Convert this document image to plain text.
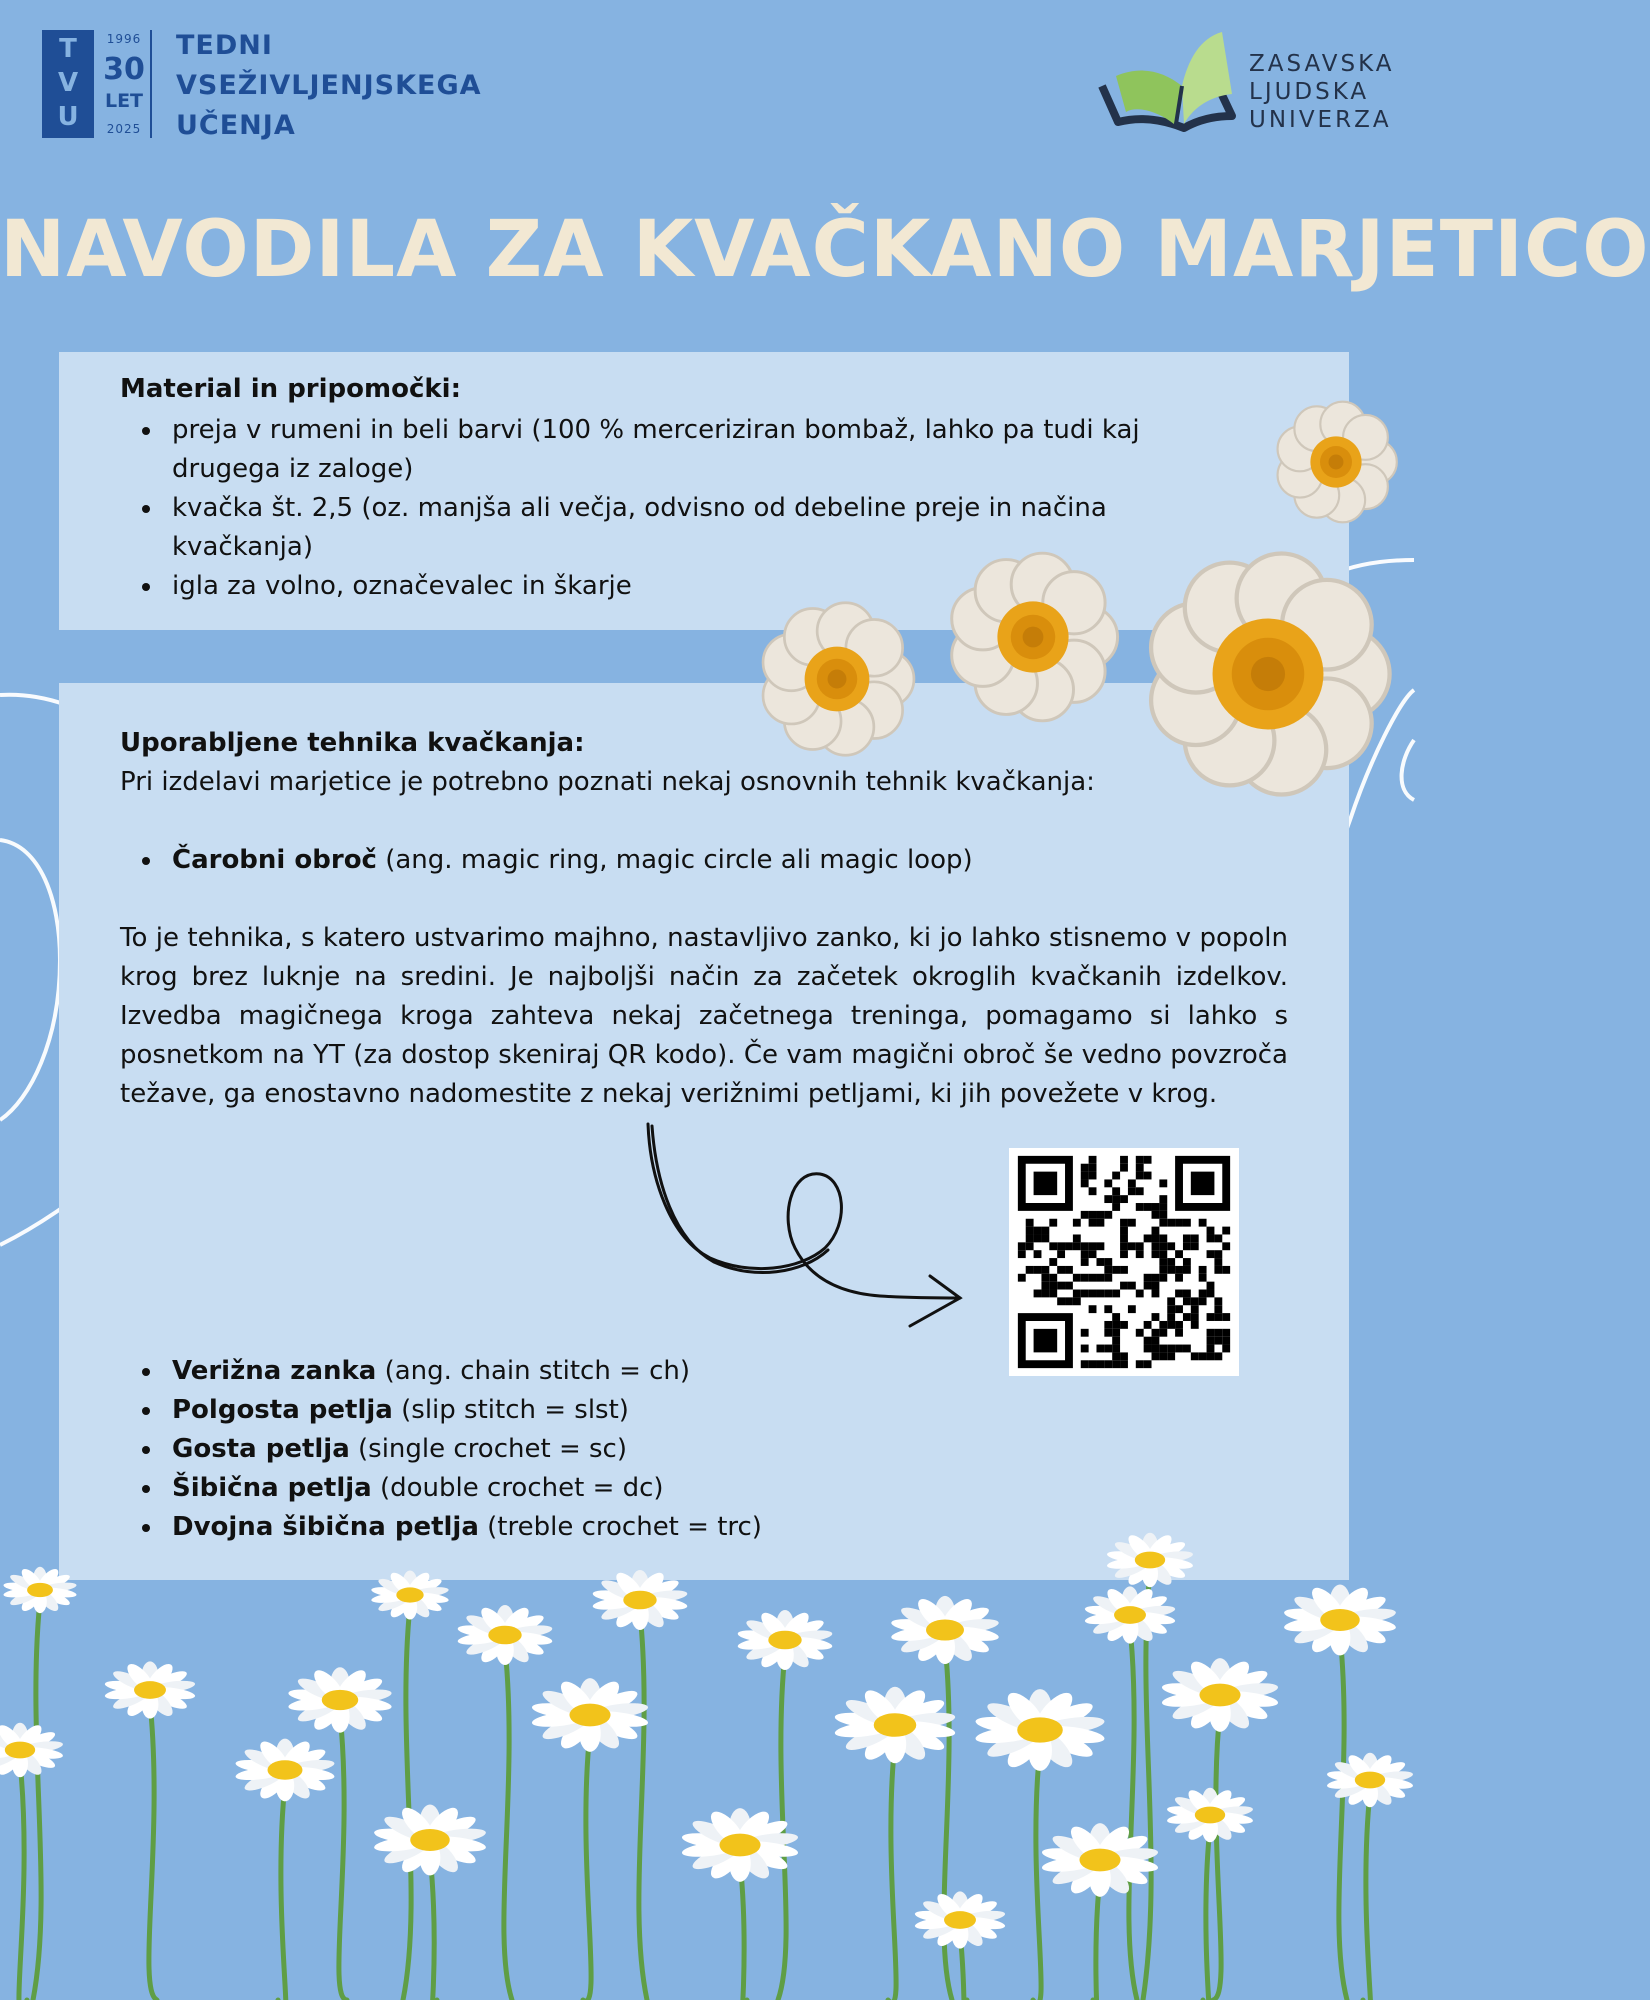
T
V
U
1996
30
LET
2025
TEDNI
VSEŽIVLJENJSKEGA
UČENJA
ZASAVSKA
LJUDSKA
UNIVERZA
NAVODILA ZA KVAČKANO MARJETICO
Material in pripomočki:
preja v rumeni in beli barvi (100 % merceriziran bombaž, lahko pa tudi kaj drugega iz zaloge)
kvačka št. 2,5 (oz. manjša ali večja, odvisno od debeline preje in načina kvačkanja)
igla za volno, označevalec in škarje
Uporabljene tehnika kvačkanja:
Pri izdelavi marjetice je potrebno poznati nekaj osnovnih tehnik kvačkanja:
Čarobni obroč (ang. magic ring, magic circle ali magic loop)
To je tehnika, s katero ustvarimo majhno, nastavljivo zanko, ki jo lahko stisnemo v popoln krog brez luknje na sredini. Je najboljši način za začetek okroglih kvačkanih izdelkov. Izvedba magičnega kroga zahteva nekaj začetnega treninga, pomagamo si lahko s posnetkom na YT (za dostop skeniraj QR kodo). Če vam magični obroč še vedno povzroča težave, ga enostavno nadomestite z nekaj verižnimi petljami, ki jih povežete v krog.
Verižna zanka (ang. chain stitch = ch)
Polgosta petlja (slip stitch = slst)
Gosta petlja (single crochet = sc)
Šibična petlja (double crochet = dc)
Dvojna šibična petlja (treble crochet = trc)
